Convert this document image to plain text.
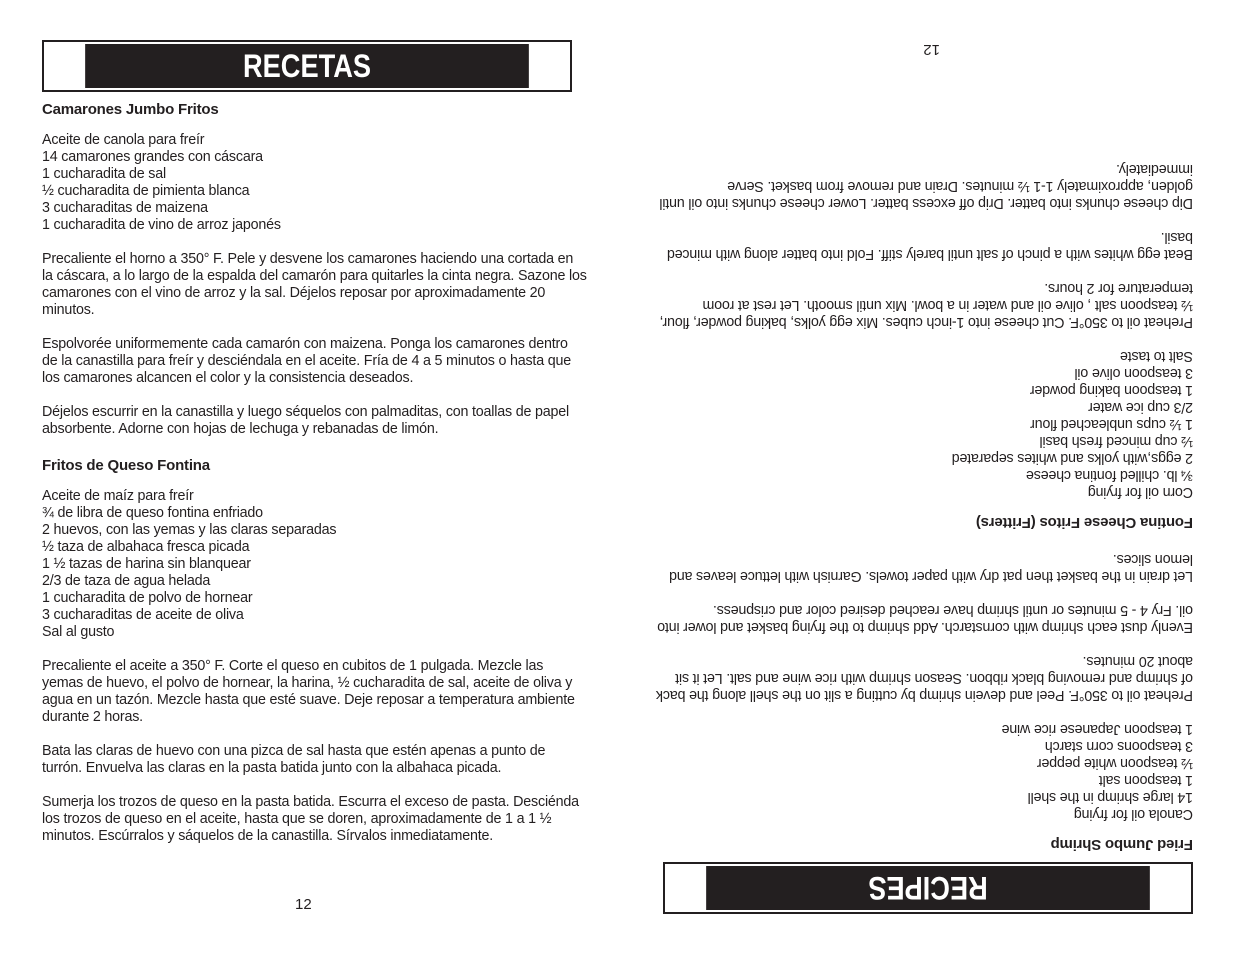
RECETAS
Camarones Jumbo Fritos
Aceite de canola para freír
14 camarones grandes con cáscara
1 cucharadita de sal
½ cucharadita de pimienta blanca
3 cucharaditas de maizena
1 cucharadita de vino de arroz japonés

Precaliente el horno a 350° F. Pele y desvene los camarones haciendo una cortada en la cáscara, a lo largo de la espalda del camarón para quitarles la cinta negra. Sazone los camarones con el vino de arroz y la sal. Déjelos reposar por aproximadamente 20 minutos.

Espolvorée uniformemente cada camarón con maizena. Ponga los camarones dentro de la canastilla para freír y desciéndala en el aceite. Fría de 4 a 5 minutos o hasta que los camarones alcancen el color y la consistencia deseados.

Déjelos escurrir en la canastilla y luego séquelos con palmaditas, con toallas de papel absorbente. Adorne con hojas de lechuga y rebanadas de limón.

Fritos de Queso Fontina
Aceite de maíz para freír
¾ de libra de queso fontina enfriado
2 huevos, con las yemas y las claras separadas
½ taza de albahaca fresca picada
1 ½ tazas de harina sin blanquear
2/3 de taza de agua helada
1 cucharadita de polvo de hornear
3 cucharaditas de aceite de oliva
Sal al gusto

Precaliente el aceite a 350° F. Corte el queso en cubitos de 1 pulgada. Mezcle las yemas de huevo, el polvo de hornear, la harina, ½ cucharadita de sal, aceite de oliva y agua en un tazón. Mezcle hasta que esté suave. Deje reposar a temperatura ambiente durante 2 horas.

Bata las claras de huevo con una pizca de sal hasta que estén apenas a punto de turrón. Envuelva las claras en la pasta batida junto con la albahaca picada.

Sumerja los trozos de queso en la pasta batida. Escurra el exceso de pasta. Desciénda los trozos de queso en el aceite, hasta que se doren, aproximadamente de 1 a 1 ½ minutos. Escúrralos y sáquelos de la canastilla. Sírvalos inmediatamente.

12	RECIPES
Fried Jumbo Shrimp
Canola oil for frying
14 large shrimp in the shell
1 teaspoon salt
½ teaspoon white pepper
3 teaspoons corn starch
1 teaspoon Japanese rice wine

Preheat oil to 350°F. Peel and devein shrimp by cutting a slit on the shell along the back of shrimp and removing black ribbon. Season shrimp with rice wine and salt. Let it sit about 20 minutes.

Evenly dust each shrimp with cornstarch. Add shrimp to the frying basket and lower into oil. Fry 4 - 5 minutes or until shrimp have reached desired color and crispness.

Let drain in the basket then pat dry with paper towels. Garnish with lettuce leaves and lemon slices.

Fontina Cheese Fritos (Fritters)
Corn oil for frying
¾ lb. chilled fontina cheese
2 eggs,with yolks and whites separated
½ cup minced fresh basil
1 ½ cups unbleached flour
2/3 cup ice water
1 teaspoon baking powder
3 teaspoon olive oil
Salt to taste

Preheat oil to 350°F. Cut cheese into 1-inch cubes. Mix egg yolks, baking powder, flour, ½ teaspoon salt , olive oil and water in a bowl. Mix until smooth. Let rest at room temperature for 2 hours.

Beat egg whites with a pinch of salt until barely stiff. Fold into batter along with minced basil.

Dip cheese chunks into batter. Drip off excess batter. Lower cheese chunks into oil until golden, approximately 1-1 ½ minutes. Drain and remove from basket. Serve immediately.

12
